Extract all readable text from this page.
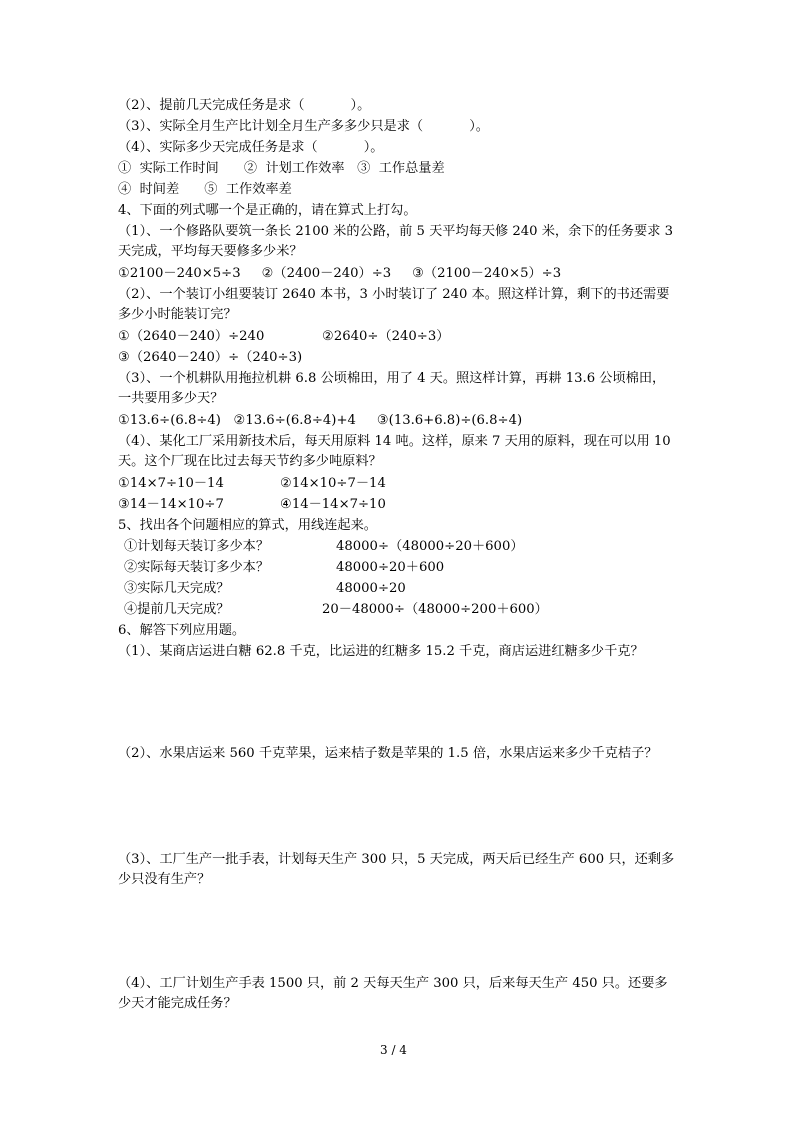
（2）、提前几天完成任务是求（           ）。
（3）、实际全月生产比计划全月生产多多少只是求（           ）。
（4）、实际多少天完成任务是求（           ）。
①  实际工作时间      ②  计划工作效率   ③  工作总量差
④  时间差      ⑤  工作效率差
4、下面的列式哪一个是正确的，请在算式上打勾。
（1）、一个修路队要筑一条长 2100 米的公路，前 5 天平均每天修 240 米，余下的任务要求 3 天完成，平均每天要修多少米？
①2100－240×5÷3     ②（2400－240）÷3     ③（2100－240×5）÷3
（2）、一个装订小组要装订 2640 本书，3 小时装订了 240 本。照这样计算，剩下的书还需要多少小时能装订完？
①（2640－240）÷240	②2640÷（240÷3）
③（2640－240）÷（240÷3)
（3）、一个机耕队用拖拉机耕 6.8 公顷棉田，用了 4 天。照这样计算，再耕 13.6 公顷棉田，一共要用多少天？
①13.6÷(6.8÷4)   ②13.6÷(6.8÷4)+4     ③(13.6+6.8)÷(6.8÷4)
（4）、某化工厂采用新技术后，每天用原料 14 吨。这样，原来 7 天用的原料，现在可以用 10 天。这个厂现在比过去每天节约多少吨原料？
①14×7÷10－14	②14×10÷7－14
③14－14×10÷7	④14－14×7÷10
5、找出各个问题相应的算式，用线连起来。
①计划每天装订多少本？	48000÷（48000÷20＋600）
②实际每天装订多少本？	48000÷20＋600
③实际几天完成？	48000÷20
④提前几天完成？	20－48000÷（48000÷200＋600）
6、解答下列应用题。
（1）、某商店运进白糖 62.8 千克，比运进的红糖多 15.2 千克，商店运进红糖多少千克？
（2）、水果店运来 560 千克苹果，运来桔子数是苹果的 1.5 倍，水果店运来多少千克桔子？
（3）、工厂生产一批手表，计划每天生产 300 只，5 天完成，两天后已经生产 600 只，还剩多少只没有生产？
（4）、工厂计划生产手表 1500 只，前 2 天每天生产 300 只，后来每天生产 450 只。还要多少天才能完成任务？
3 / 4
